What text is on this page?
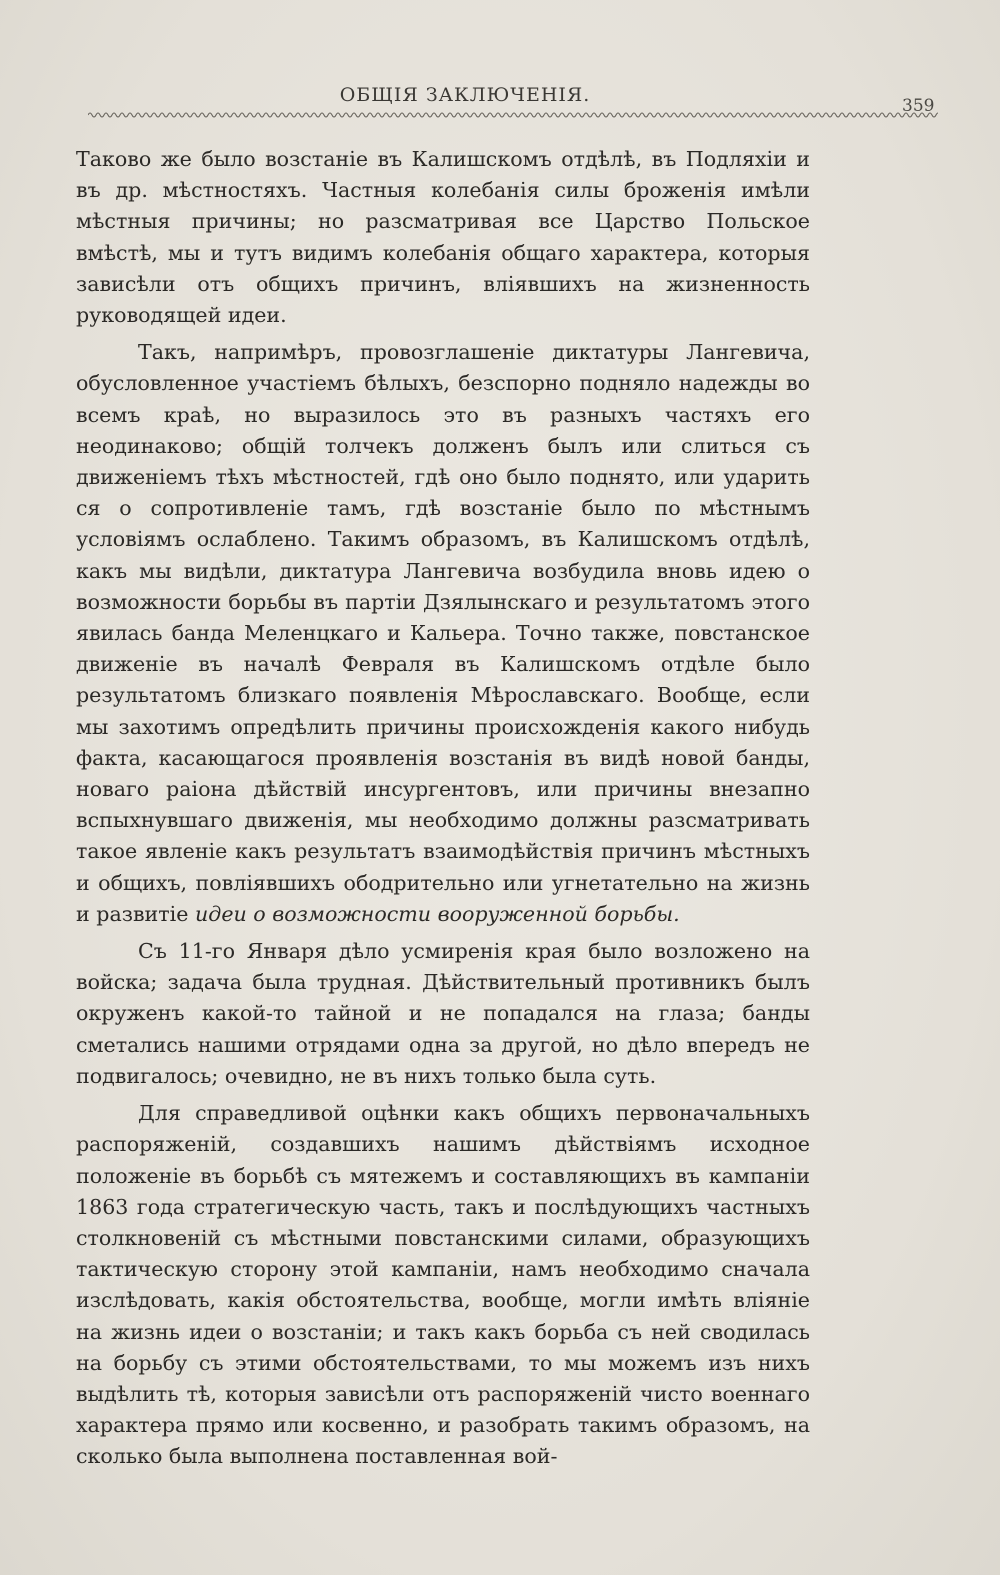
ОБЩІЯ ЗАКЛЮЧЕНІЯ.	359

Таково же было возстаніе въ Калишскомъ отдѣлѣ, въ Подляхіи и въ др. мѣстностяхъ. Частныя колебанія силы броженія имѣли мѣстныя причины; но разсматривая все Царство Польское вмѣстѣ, мы и тутъ видимъ колебанія общаго характера, которыя зависѣли отъ общихъ причинъ, вліявшихъ на жизненность руководящей идеи.

Такъ, напримѣръ, провозглашеніе диктатуры Лангевича, обусловленное участіемъ бѣлыхъ, безспорно подняло надежды во всемъ краѣ, но выразилось это въ разныхъ частяхъ его неодинаково; общій толчекъ долженъ былъ или слиться съ движеніемъ тѣхъ мѣстностей, гдѣ оно было поднято, или ударить ся о сопротивленіе тамъ, гдѣ возстаніе было по мѣстнымъ условіямъ ослаблено. Такимъ образомъ, въ Калишскомъ отдѣлѣ, какъ мы видѣли, диктатура Лангевича возбудила вновь идею о возможности борьбы въ партіи Дзялынскаго и результатомъ этого явилась банда Меленцкаго и Кальера. Точно также, повстанское движеніе въ началѣ Февраля въ Калишскомъ отдѣле было результатомъ близкаго появленія Мѣрославскаго. Вообще, если мы захотимъ опредѣлить причины происхожденія какого нибудь факта, касающагося проявленія возстанія въ видѣ новой банды, новаго раіона дѣйствій инсургентовъ, или причины внезапно вспыхнувшаго движенія, мы необходимо должны разсматривать такое явленіе какъ результатъ взаимодѣйствія причинъ мѣстныхъ и общихъ, повліявшихъ ободрительно или угнетательно на жизнь и развитіе идеи о возможности вооруженной борьбы.

Съ 11-го Января дѣло усмиренія края было возложено на войска; задача была трудная. Дѣйствительный противникъ былъ окруженъ какой-то тайной и не попадался на глаза; банды сметались нашими отрядами одна за другой, но дѣло впередъ не подвигалось; очевидно, не въ нихъ только была суть.

Для справедливой оцѣнки какъ общихъ первоначальныхъ распоряженій, создавшихъ нашимъ дѣйствіямъ исходное положеніе въ борьбѣ съ мятежемъ и составляющихъ въ кампаніи 1863 года стратегическую часть, такъ и послѣдующихъ частныхъ столкновеній съ мѣстными повстанскими силами, образующихъ тактическую сторону этой кампаніи, намъ необходимо сначала изслѣдовать, какія обстоятельства, вообще, могли имѣть вліяніе на жизнь идеи о возстаніи; и такъ какъ борьба съ ней сводилась на борьбу съ этими обстоятельствами, то мы можемъ изъ нихъ выдѣлить тѣ, которыя зависѣли отъ распоряженій чисто военнаго характера прямо или косвенно, и разобрать такимъ образомъ, на сколько была выполнена поставленная вой-
